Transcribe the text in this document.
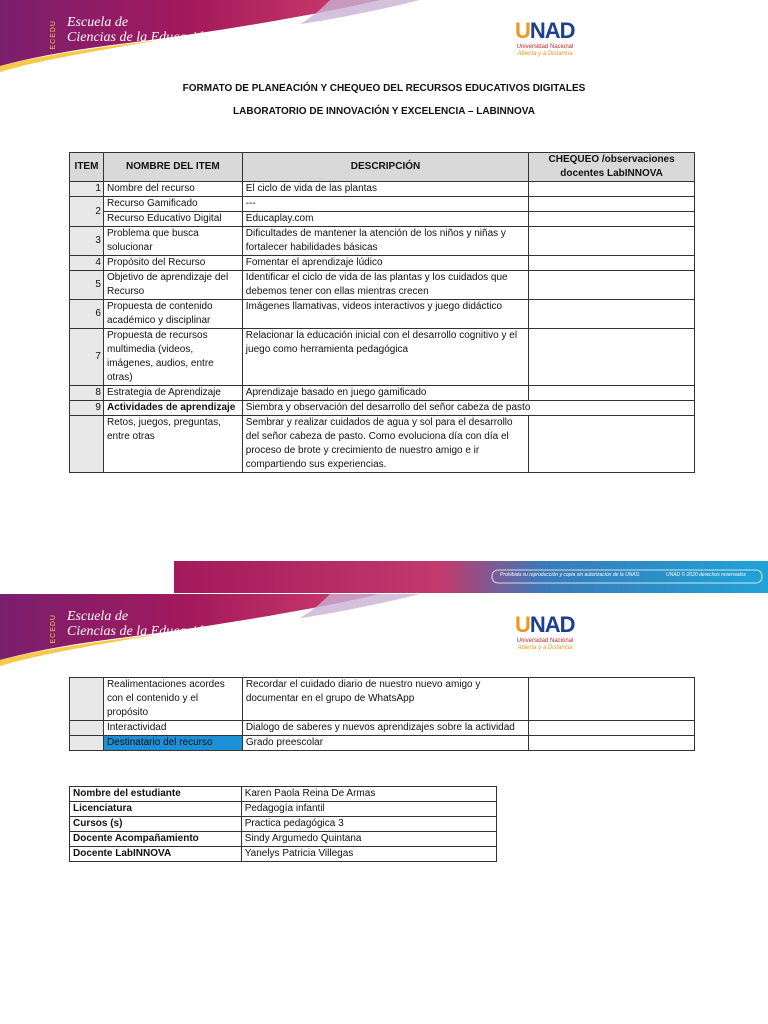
ECEDU Escuela de
Ciencias de la Educación	UNAD
Universidad Nacional
Abierta y a Distancia
FORMATO DE PLANEACIÓN Y CHEQUEO DEL RECURSOS EDUCATIVOS DIGITALES
LABORATORIO DE INNOVACIÓN Y EXCELENCIA – LABINNOVA
ITEM	NOMBRE DEL ITEM	DESCRIPCIÓN	CHEQUEO /observaciones docentes LabINNOVA
1	Nombre del recurso	El ciclo de vida de las plantas	
2	Recurso Gamificado	---	
	Recurso Educativo Digital	Educaplay.com	
3	Problema que busca solucionar	Dificultades de mantener la atención de los niños y niñas y fortalecer habilidades básicas	
4	Propósito del Recurso	Fomentar el aprendizaje lúdico	
5	Objetivo de aprendizaje del Recurso	Identificar el ciclo de vida de las plantas y los cuidados que debemos tener con ellas mientras crecen	
6	Propuesta de contenido académico y disciplinar	Imágenes llamativas, videos interactivos y juego didáctico	
7	Propuesta de recursos multimedia (videos, imágenes, audios, entre otras)	Relacionar la educación inicial con el desarrollo cognitivo y el juego como herramienta pedagógica	
8	Estrategia de Aprendizaje	Aprendizaje basado en juego gamificado	
9	Actividades de aprendizaje	Siembra y observación del desarrollo del señor cabeza de pasto	
	Retos, juegos, preguntas, entre otras	Sembrar y realizar cuidados de agua y sol para el desarrollo del señor cabeza de pasto. Como evoluciona día con día el proceso de brote y crecimiento de nuestro amigo e ir compartiendo sus experiencias.	
Prohibida su reproducción y copia sin autorización de la UNAD.	UNAD © 2020 derechos reservados
ECEDU Escuela de
Ciencias de la Educación	UNAD
Universidad Nacional
Abierta y a Distancia
	Realimentaciones acordes con el contenido y el propósito	Recordar el cuidado diario de nuestro nuevo amigo y documentar en el grupo de WhatsApp	
	Interactividad	Dialogo de saberes y nuevos aprendizajes sobre la actividad	
	Destinatario del recurso	Grado preescolar	
Nombre del estudiante	Karen Paola Reina De Armas
Licenciatura	Pedagogía infantil
Cursos (s)	Practica pedagógica 3
Docente Acompañamiento	Sindy Argumedo Quintana
Docente LabINNOVA	Yanelys Patricia Villegas
